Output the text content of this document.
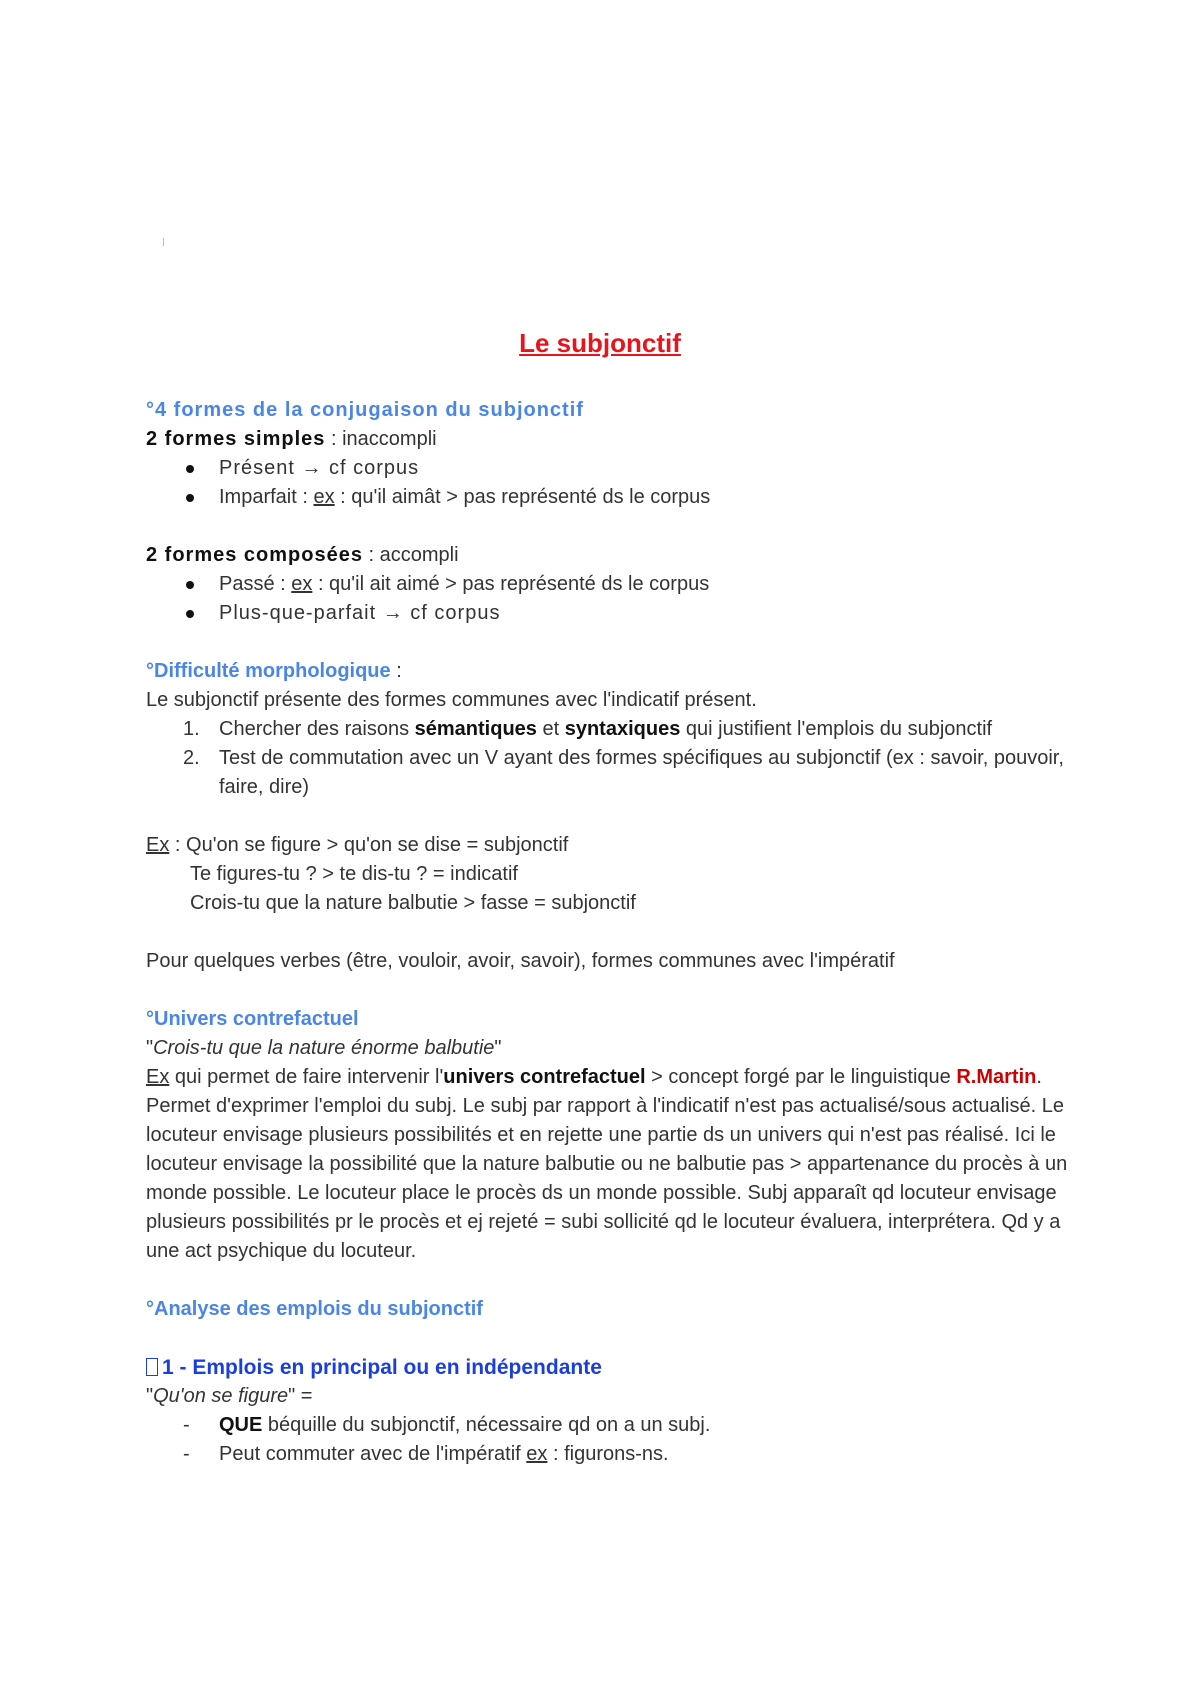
Le subjonctif

°4 formes de la conjugaison du subjonctif

2 formes simples : inaccompli

Présent → cf corpus
Imparfait : ex : qu'il aimât > pas représenté ds le corpus

2 formes composées : accompli

Passé : ex : qu'il ait aimé > pas représenté ds le corpus
Plus-que-parfait → cf corpus

°Difficulté morphologique :

Le subjonctif présente des formes communes avec l'indicatif présent.

1. Chercher des raisons sémantiques et syntaxiques qui justifient l'emplois du subjonctif
2. Test de commutation avec un V ayant des formes spécifiques au subjonctif (ex : savoir, pouvoir, faire, dire)

Ex : Qu'on se figure > qu'on se dise = subjonctif

Te figures-tu ? > te dis-tu ? = indicatif

Crois-tu que la nature balbutie > fasse = subjonctif

Pour quelques verbes (être, vouloir, avoir, savoir), formes communes avec l'impératif

°Univers contrefactuel

"Crois-tu que la nature énorme balbutie"

Ex qui permet de faire intervenir l'univers contrefactuel > concept forgé par le linguistique R.Martin. Permet d'exprimer l'emploi du subj. Le subj par rapport à l'indicatif n'est pas actualisé/sous actualisé. Le locuteur envisage plusieurs possibilités et en rejette une partie ds un univers qui n'est pas réalisé. Ici le locuteur envisage la possibilité que la nature balbutie ou ne balbutie pas > appartenance du procès à un monde possible. Le locuteur place le procès ds un monde possible. Subj apparaît qd locuteur envisage plusieurs possibilités pr le procès et ej rejeté = subi sollicité qd le locuteur évaluera, interprétera. Qd y a une act psychique du locuteur.

°Analyse des emplois du subjonctif

1 - Emplois en principal ou en indépendante

"Qu'on se figure" =

- QUE béquille du subjonctif, nécessaire qd on a un subj.
- Peut commuter avec de l'impératif ex : figurons-ns.
